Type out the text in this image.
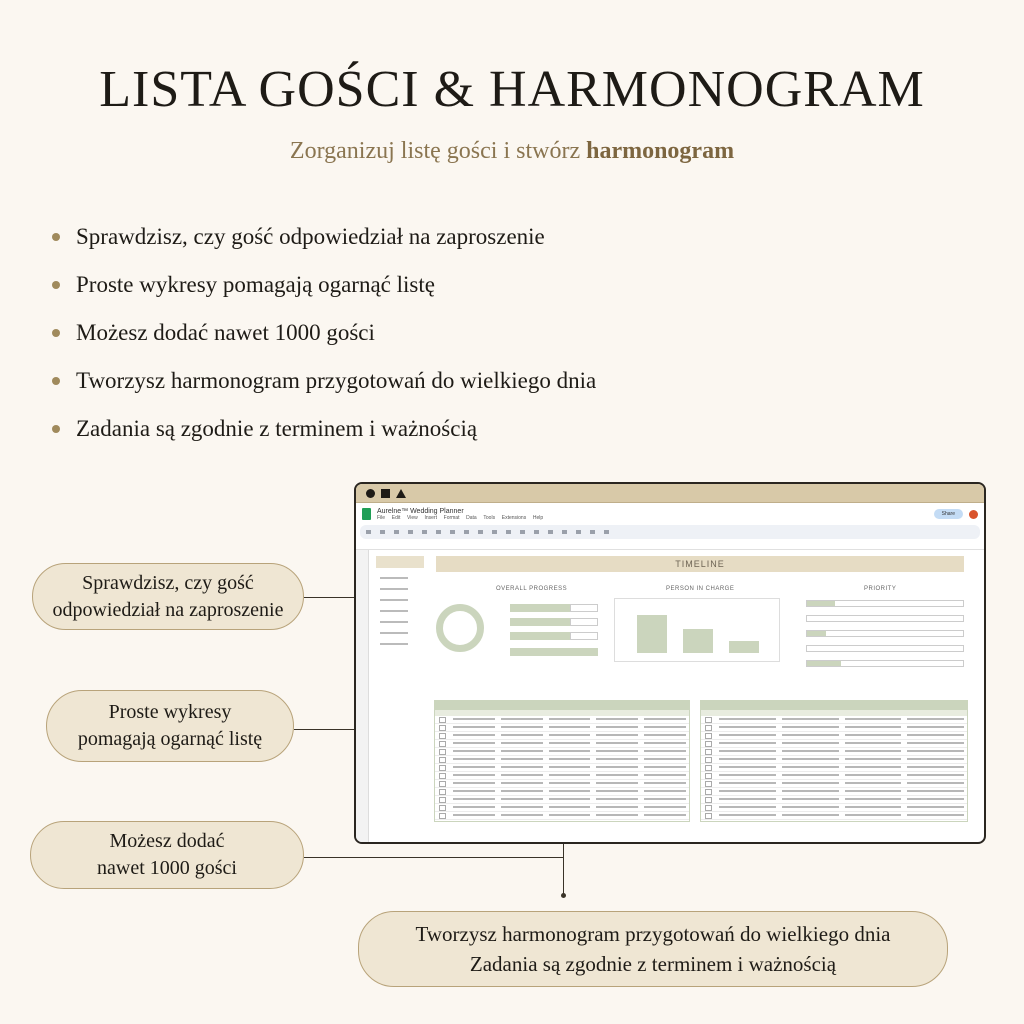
LISTA GOŚCI & HARMONOGRAM
Zorganizuj listę gości i stwórz harmonogram
Sprawdzisz, czy gość odpowiedział na zaproszenie
Proste wykresy pomagają ogarnąć listę
Możesz dodać nawet 1000 gości
Tworzysz harmonogram przygotowań do wielkiego dnia
Zadania są zgodnie z terminem i ważnością
Sprawdzisz, czy gość
odpowiedział na zaproszenie
Proste wykresy
pomagają ogarnąć listę
Możesz dodać
nawet 1000 gości
Tworzysz harmonogram przygotowań do wielkiego dnia
Zadania są zgodnie z terminem i ważnością
Aurelne™ Wedding Planner
File Edit View Insert Format Data Tools Extensions Help
Share

TIMELINE
OVERALL PROGRESS	PERSON IN CHARGE	PRIORITY
